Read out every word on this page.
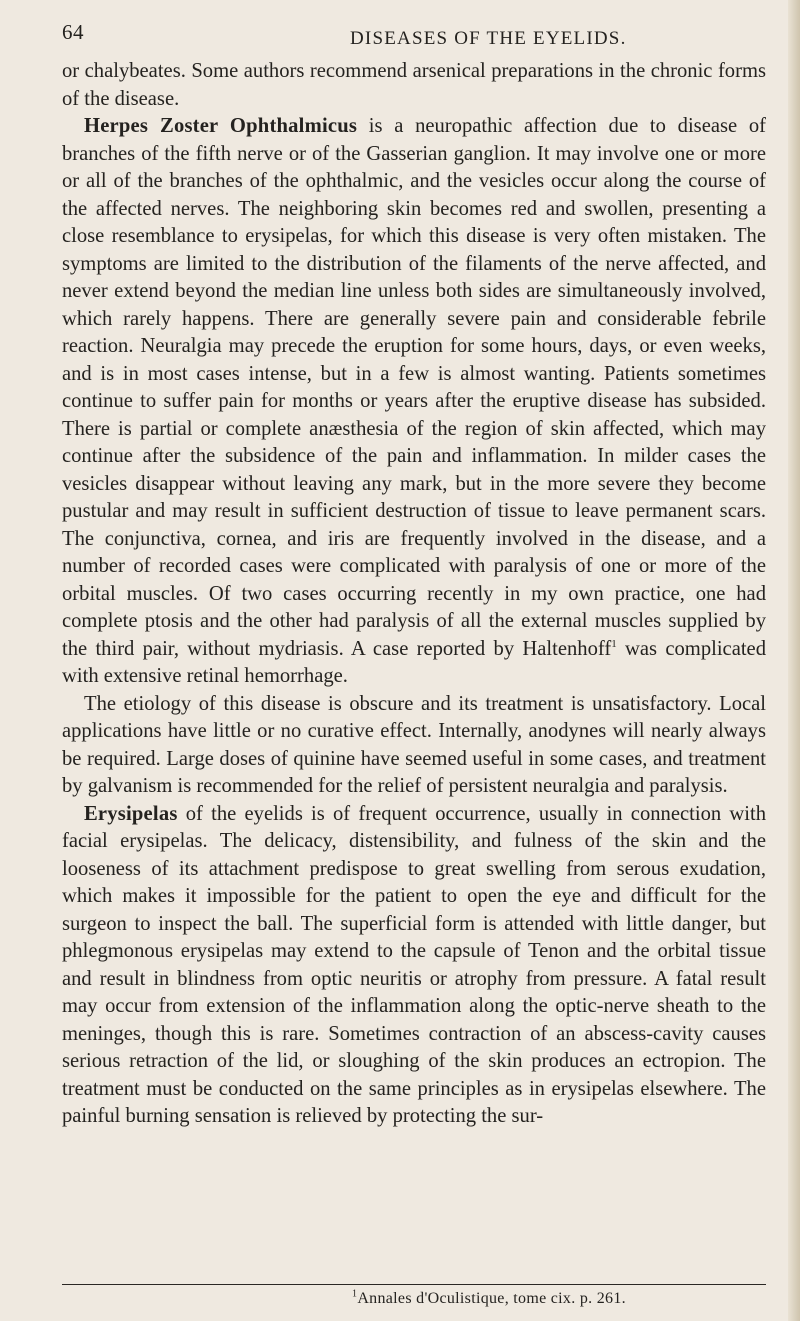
64	DISEASES OF THE EYELIDS.

or chalybeates. Some authors recommend arsenical preparations in the chronic forms of the disease.

Herpes Zoster Ophthalmicus is a neuropathic affection due to disease of branches of the fifth nerve or of the Gasserian ganglion. It may involve one or more or all of the branches of the ophthalmic, and the vesicles occur along the course of the affected nerves. The neighboring skin becomes red and swollen, presenting a close resemblance to erysipelas, for which this disease is very often mistaken. The symptoms are limited to the distribution of the filaments of the nerve affected, and never extend beyond the median line unless both sides are simultaneously involved, which rarely happens. There are generally severe pain and considerable febrile reaction. Neuralgia may precede the eruption for some hours, days, or even weeks, and is in most cases intense, but in a few is almost wanting. Patients sometimes continue to suffer pain for months or years after the eruptive disease has subsided. There is partial or complete anæsthesia of the region of skin affected, which may continue after the subsidence of the pain and inflammation. In milder cases the vesicles disappear without leaving any mark, but in the more severe they become pustular and may result in sufficient destruction of tissue to leave permanent scars. The conjunctiva, cornea, and iris are frequently involved in the disease, and a number of recorded cases were complicated with paralysis of one or more of the orbital muscles. Of two cases occurring recently in my own practice, one had complete ptosis and the other had paralysis of all the external muscles supplied by the third pair, without mydriasis. A case reported by Haltenhoff$^1$ was complicated with extensive retinal hemorrhage.

The etiology of this disease is obscure and its treatment is unsatisfactory. Local applications have little or no curative effect. Internally, anodynes will nearly always be required. Large doses of quinine have seemed useful in some cases, and treatment by galvanism is recommended for the relief of persistent neuralgia and paralysis.

Erysipelas of the eyelids is of frequent occurrence, usually in connection with facial erysipelas. The delicacy, distensibility, and fulness of the skin and the looseness of its attachment predispose to great swelling from serous exudation, which makes it impossible for the patient to open the eye and difficult for the surgeon to inspect the ball. The superficial form is attended with little danger, but phlegmonous erysipelas may extend to the capsule of Tenon and the orbital tissue and result in blindness from optic neuritis or atrophy from pressure. A fatal result may occur from extension of the inflammation along the optic-nerve sheath to the meninges, though this is rare. Sometimes contraction of an abscess-cavity causes serious retraction of the lid, or sloughing of the skin produces an ectropion. The treatment must be conducted on the same principles as in erysipelas elsewhere. The painful burning sensation is relieved by protecting the sur-

$^1$Annales d'Oculistique, tome cix. p. 261.
